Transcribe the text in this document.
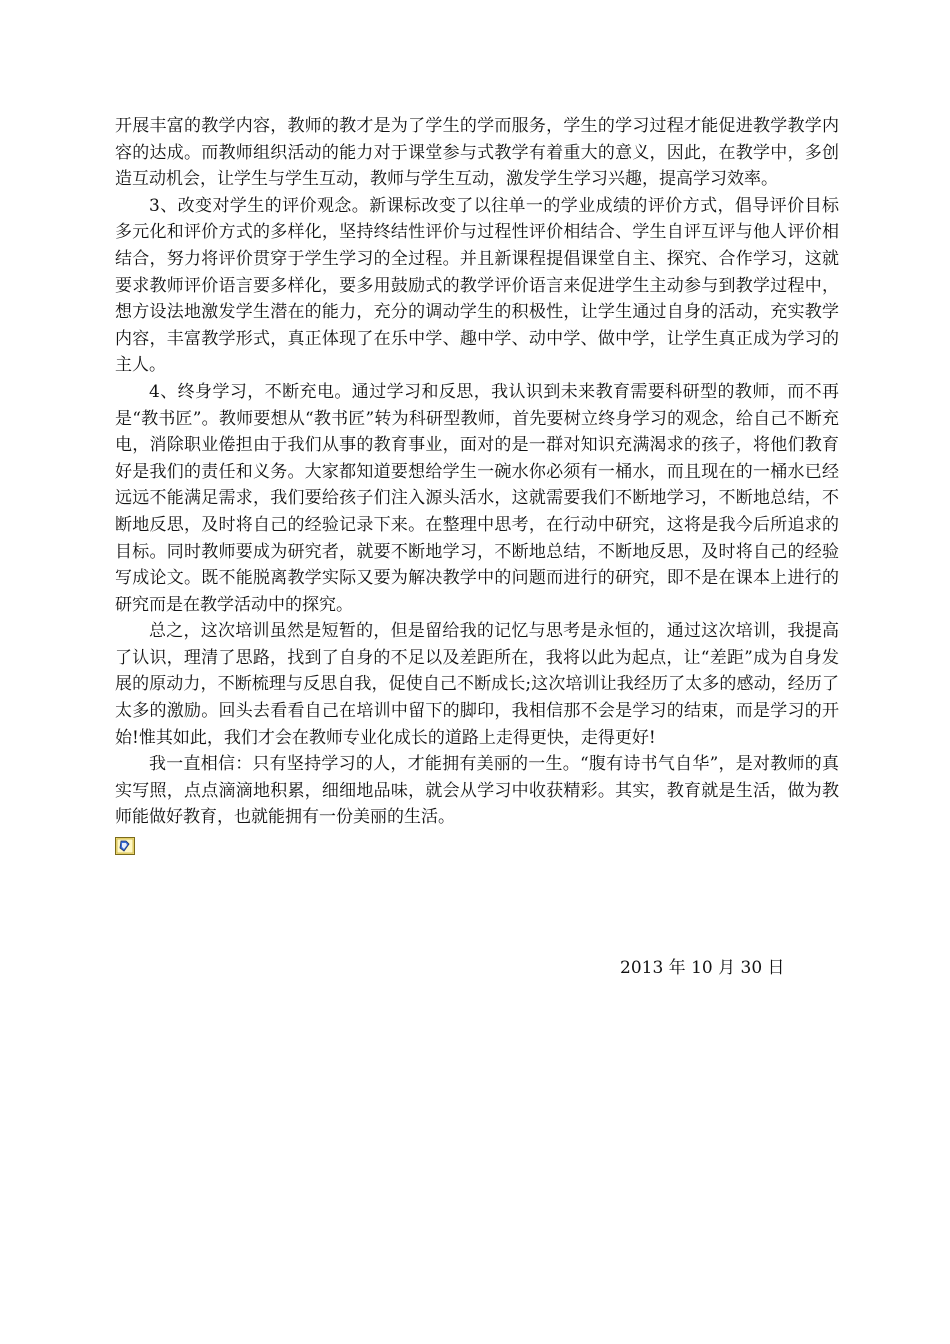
开展丰富的教学内容，教师的教才是为了学生的学而服务，学生的学习过程才能促进教学教学内容的达成。而教师组织活动的能力对于课堂参与式教学有着重大的意义，因此，在教学中，多创造互动机会，让学生与学生互动，教师与学生互动，激发学生学习兴趣，提高学习效率。

3、改变对学生的评价观念。新课标改变了以往单一的学业成绩的评价方式，倡导评价目标多元化和评价方式的多样化，坚持终结性评价与过程性评价相结合、学生自评互评与他人评价相结合，努力将评价贯穿于学生学习的全过程。并且新课程提倡课堂自主、探究、合作学习，这就要求教师评价语言要多样化，要多用鼓励式的教学评价语言来促进学生主动参与到教学过程中，想方设法地激发学生潜在的能力，充分的调动学生的积极性，让学生通过自身的活动，充实教学内容，丰富教学形式，真正体现了在乐中学、趣中学、动中学、做中学，让学生真正成为学习的主人。

4、终身学习，不断充电。通过学习和反思，我认识到未来教育需要科研型的教师，而不再是“教书匠”。教师要想从“教书匠”转为科研型教师，首先要树立终身学习的观念，给自己不断充电，消除职业倦担由于我们从事的教育事业，面对的是一群对知识充满渴求的孩子，将他们教育好是我们的责任和义务。大家都知道要想给学生一碗水你必须有一桶水，而且现在的一桶水已经远远不能满足需求，我们要给孩子们注入源头活水，这就需要我们不断地学习，不断地总结，不断地反思，及时将自己的经验记录下来。在整理中思考，在行动中研究，这将是我今后所追求的目标。同时教师要成为研究者，就要不断地学习，不断地总结，不断地反思，及时将自己的经验写成论文。既不能脱离教学实际又要为解决教学中的问题而进行的研究，即不是在课本上进行的研究而是在教学活动中的探究。

总之，这次培训虽然是短暂的，但是留给我的记忆与思考是永恒的，通过这次培训，我提高了认识，理清了思路，找到了自身的不足以及差距所在，我将以此为起点，让“差距”成为自身发展的原动力，不断梳理与反思自我，促使自己不断成长;这次培训让我经历了太多的感动，经历了太多的激励。回头去看看自己在培训中留下的脚印，我相信那不会是学习的结束，而是学习的开始!惟其如此，我们才会在教师专业化成长的道路上走得更快，走得更好!

我一直相信：只有坚持学习的人，才能拥有美丽的一生。“腹有诗书气自华”，是对教师的真实写照，点点滴滴地积累，细细地品味，就会从学习中收获精彩。其实，教育就是生活，做为教师能做好教育，也就能拥有一份美丽的生活。

2013 年 10 月 30 日
